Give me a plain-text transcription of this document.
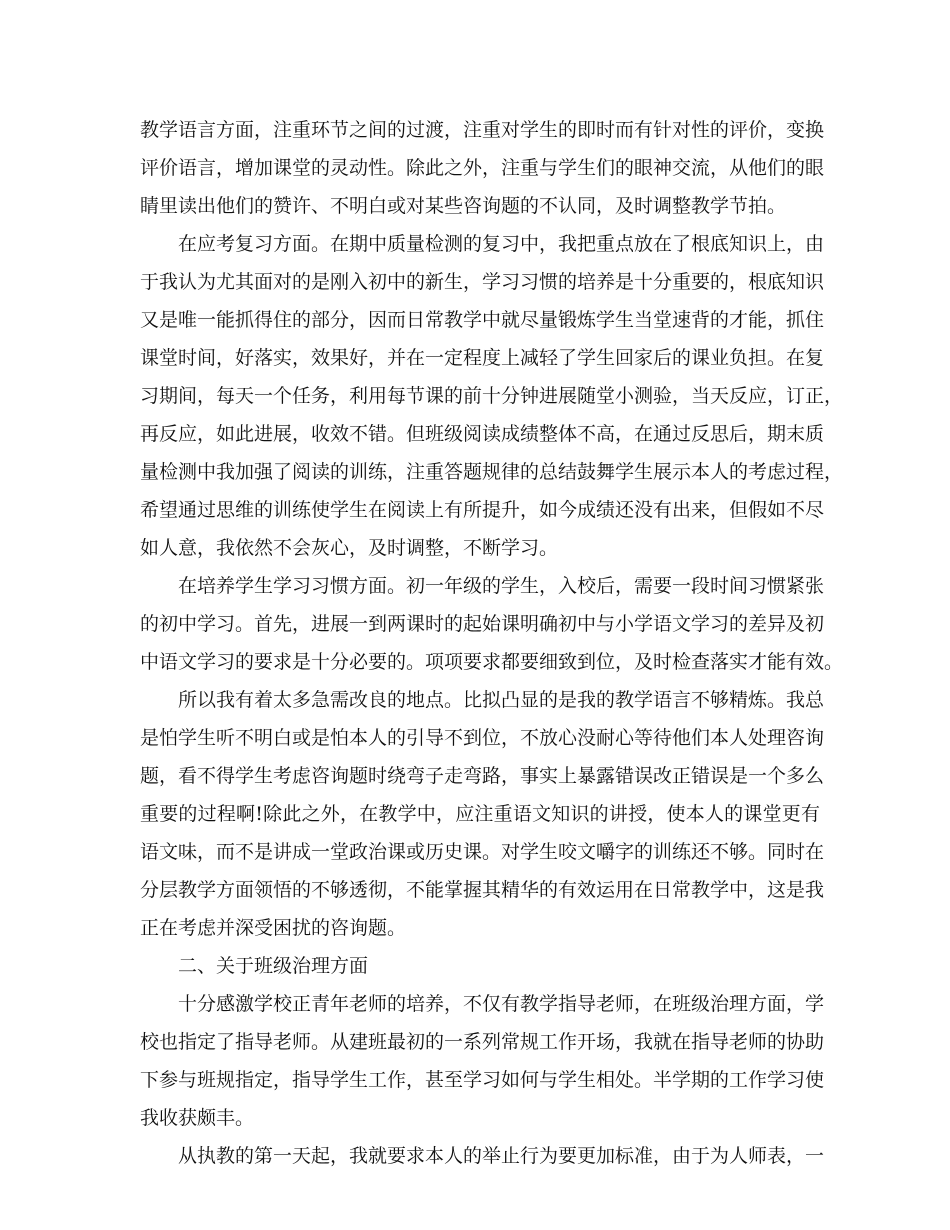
教学语言方面，注重环节之间的过渡，注重对学生的即时而有针对性的评价，变换

评价语言，增加课堂的灵动性。除此之外，注重与学生们的眼神交流，从他们的眼

睛里读出他们的赞许、不明白或对某些咨询题的不认同，及时调整教学节拍。

在应考复习方面。在期中质量检测的复习中，我把重点放在了根底知识上，由

于我认为尤其面对的是刚入初中的新生，学习习惯的培养是十分重要的，根底知识

又是唯一能抓得住的部分，因而日常教学中就尽量锻炼学生当堂速背的才能，抓住

课堂时间，好落实，效果好，并在一定程度上减轻了学生回家后的课业负担。在复

习期间，每天一个任务，利用每节课的前十分钟进展随堂小测验，当天反应，订正，

再反应，如此进展，收效不错。但班级阅读成绩整体不高，在通过反思后，期末质

量检测中我加强了阅读的训练，注重答题规律的总结鼓舞学生展示本人的考虑过程，

希望通过思维的训练使学生在阅读上有所提升，如今成绩还没有出来，但假如不尽

如人意，我依然不会灰心，及时调整，不断学习。

在培养学生学习习惯方面。初一年级的学生，入校后，需要一段时间习惯紧张

的初中学习。首先，进展一到两课时的起始课明确初中与小学语文学习的差异及初

中语文学习的要求是十分必要的。项项要求都要细致到位，及时检查落实才能有效。

所以我有着太多急需改良的地点。比拟凸显的是我的教学语言不够精炼。我总

是怕学生听不明白或是怕本人的引导不到位，不放心没耐心等待他们本人处理咨询

题，看不得学生考虑咨询题时绕弯子走弯路，事实上暴露错误改正错误是一个多么

重要的过程啊!除此之外，在教学中，应注重语文知识的讲授，使本人的课堂更有

语文味，而不是讲成一堂政治课或历史课。对学生咬文嚼字的训练还不够。同时在

分层教学方面领悟的不够透彻，不能掌握其精华的有效运用在日常教学中，这是我

正在考虑并深受困扰的咨询题。

二、关于班级治理方面

十分感激学校正青年老师的培养，不仅有教学指导老师，在班级治理方面，学

校也指定了指导老师。从建班最初的一系列常规工作开场，我就在指导老师的协助

下参与班规指定，指导学生工作，甚至学习如何与学生相处。半学期的工作学习使

我收获颇丰。

从执教的第一天起，我就要求本人的举止行为要更加标准，由于为人师表，一
